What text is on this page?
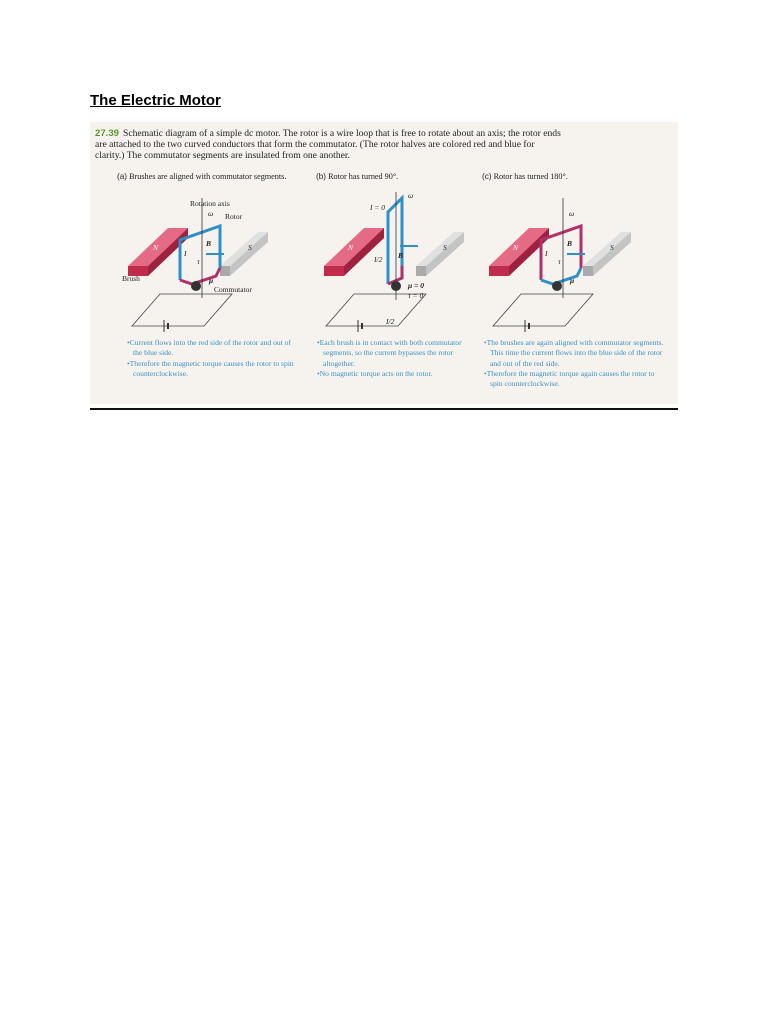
The Electric Motor
27.39 Schematic diagram of a simple dc motor. The rotor is a wire loop that is free to rotate about an axis; the rotor ends are attached to the two curved conductors that form the commutator. (The rotor halves are colored red and blue for clarity.) The commutator segments are insulated from one another.
(a) Brushes are aligned with commutator segments.	(b) Rotor has turned 90°.	(c) Rotor has turned 180°.
N	S
Rotation axis
Rotor
ω
B
τ
μ
I
Brush
Commutator
N	S
I = 0
ω
B
I/2
μ = 0
τ = 0
I/2
N	S
ω
B
τ
μ
I
• Current flows into the red side of the rotor and out of the blue side.
• Therefore the magnetic torque causes the rotor to spin counterclockwise.
• Each brush is in contact with both commutator segments, so the current bypasses the rotor altogether.
• No magnetic torque acts on the rotor.
• The brushes are again aligned with commutator segments. This time the current flows into the blue side of the rotor and out of the red side.
• Therefore the magnetic torque again causes the rotor to spin counterclockwise.
